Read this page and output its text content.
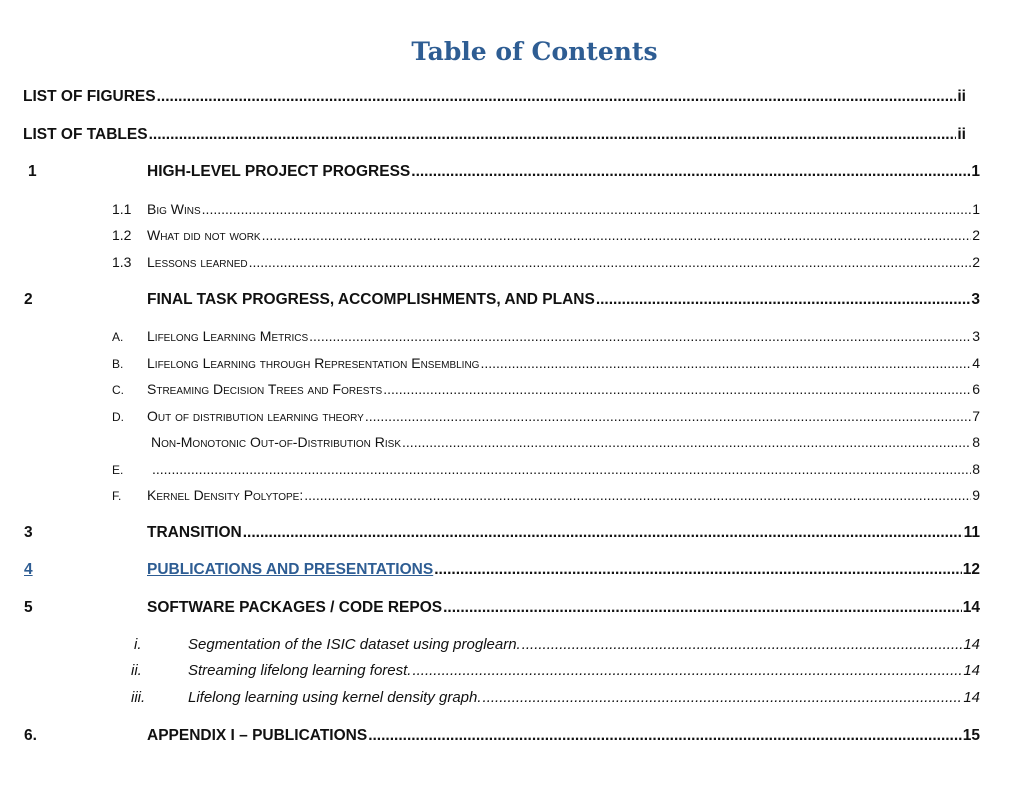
Table of Contents
LIST OF FIGURES .....	ii
LIST OF TABLES .....	ii
1	HIGH-LEVEL PROJECT PROGRESS .....	1
1.1 Big Wins .....	1
1.2 What did not work .....	2
1.3 Lessons learned .....	2
2	FINAL TASK PROGRESS, ACCOMPLISHMENTS, AND PLANS .....	3
A. Lifelong Learning Metrics .....	3
B. Lifelong Learning through Representation Ensembling .....	4
C. Streaming Decision Trees and Forests .....	6
D. Out of distribution learning theory .....	7
Non-Monotonic Out-of-Distribution Risk .....	8
E. .....	8
F. Kernel Density Polytope: .....	9
3	TRANSITION .....	11
4	PUBLICATIONS AND PRESENTATIONS .....	12
5	SOFTWARE PACKAGES / CODE REPOS .....	14
i.	Segmentation of the ISIC dataset using proglearn. .....	14
ii.	Streaming lifelong learning forest. .....	14
iii.	Lifelong learning using kernel density graph. .....	14
6.	APPENDIX I – PUBLICATIONS .....	15
